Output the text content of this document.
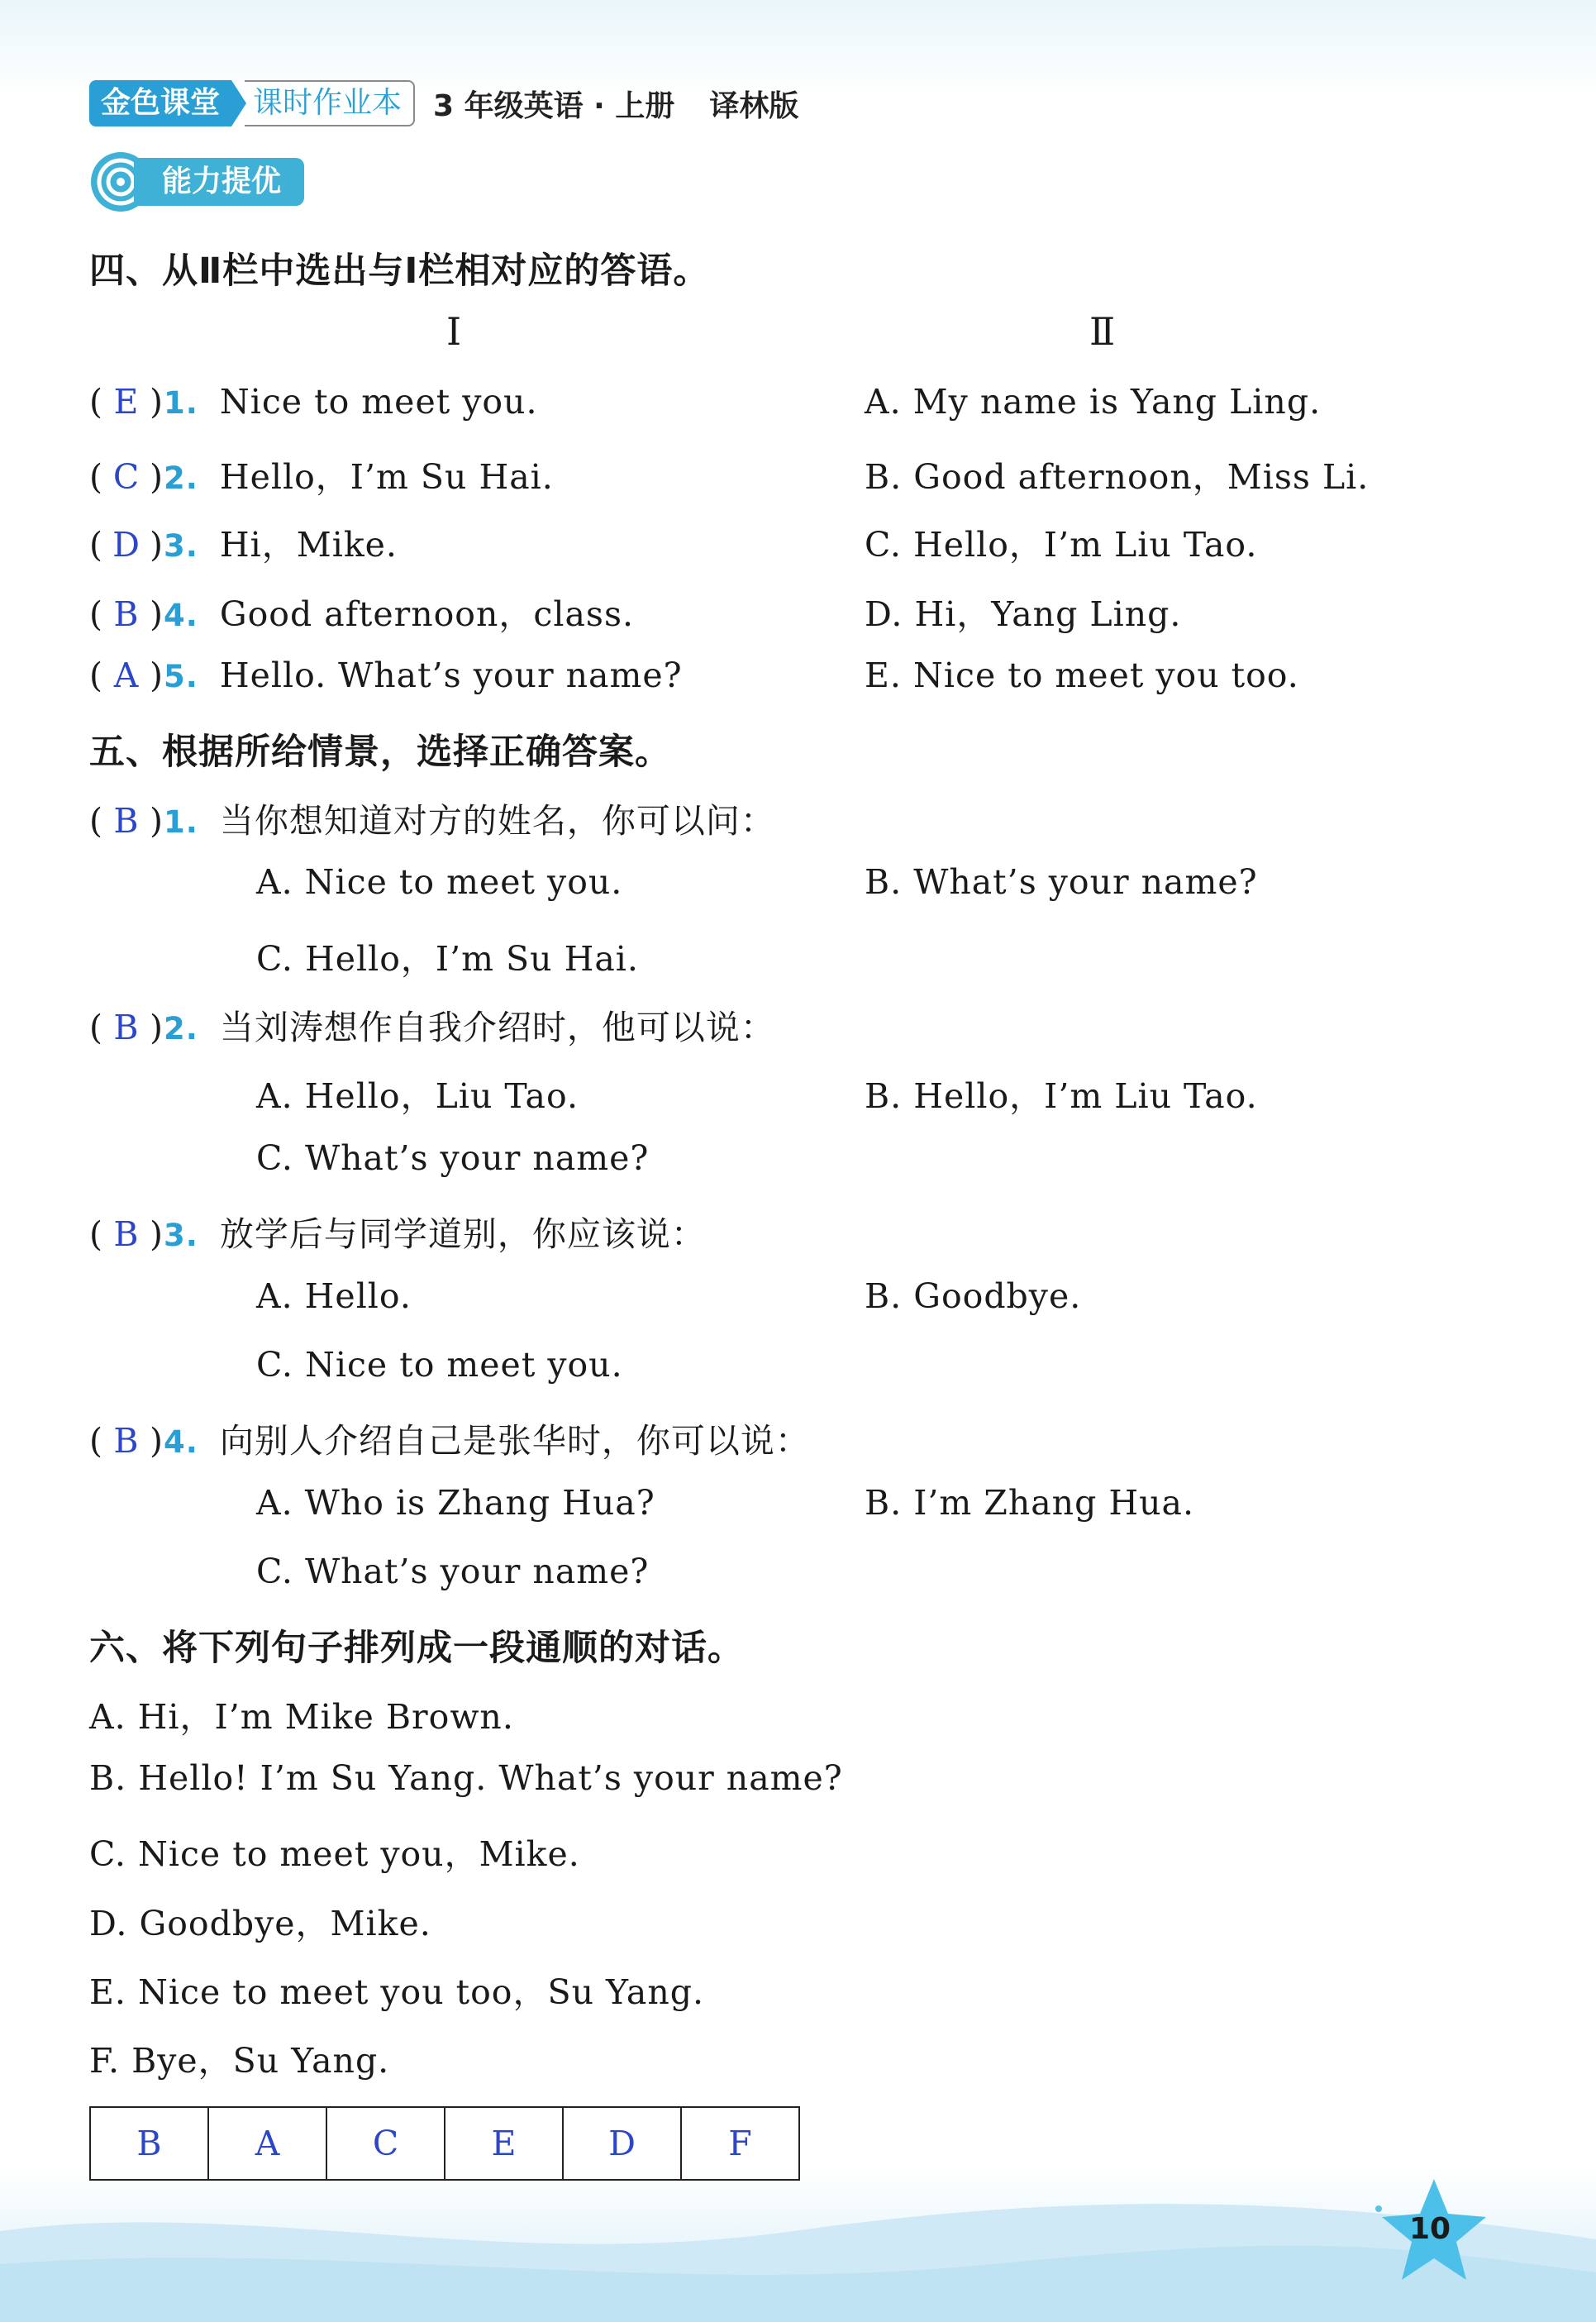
金色课堂	课时作业本	3 年级英语 · 上册 译林版
能力提优
四、从Ⅱ栏中选出与Ⅰ栏相对应的答语。
Ⅰ	Ⅱ
( E )1. Nice to meet you.	A. My name is Yang Ling.
( C )2. Hello，I’m Su Hai.	B. Good afternoon，Miss Li.
( D )3. Hi，Mike.	C. Hello，I’m Liu Tao.
( B )4. Good afternoon，class.	D. Hi，Yang Ling.
( A )5. Hello. What’s your name?	E. Nice to meet you too.
五、根据所给情景，选择正确答案。
( B )1. 当你想知道对方的姓名，你可以问：
A. Nice to meet you.	B. What’s your name?
C. Hello，I’m Su Hai.
( B )2. 当刘涛想作自我介绍时，他可以说：
A. Hello，Liu Tao.	B. Hello，I’m Liu Tao.
C. What’s your name?
( B )3. 放学后与同学道别，你应该说：
A. Hello.	B. Goodbye.
C. Nice to meet you.
( B )4. 向别人介绍自己是张华时，你可以说：
A. Who is Zhang Hua?	B. I’m Zhang Hua.
C. What’s your name?
六、将下列句子排列成一段通顺的对话。
A. Hi，I’m Mike Brown.
B. Hello! I’m Su Yang. What’s your name?
C. Nice to meet you，Mike.
D. Goodbye，Mike.
E. Nice to meet you too，Su Yang.
F. Bye，Su Yang.
B	A	C	E	D	F
10
